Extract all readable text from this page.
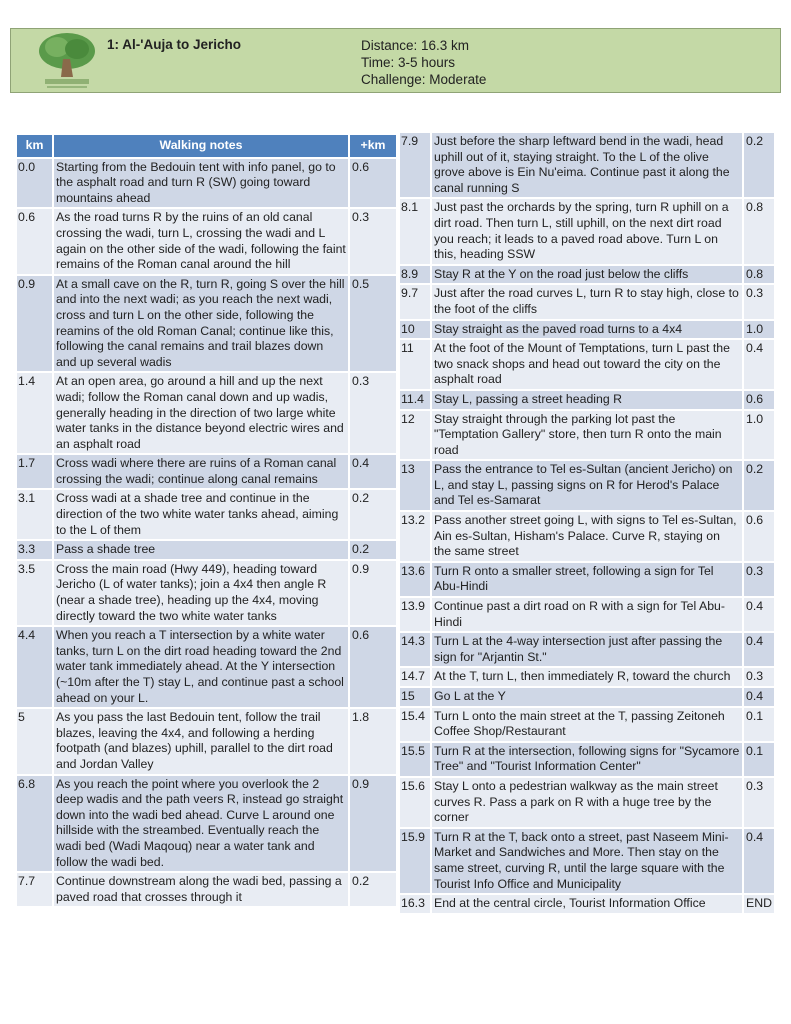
1: Al-'Auja to Jericho	Distance: 16.3 km
Time: 3-5 hours
Challenge: Moderate
km	Walking notes	+km
0.0	Starting from the Bedouin tent with info panel, go to the asphalt road and turn R (SW) going toward mountains ahead	0.6
0.6	As the road turns R by the ruins of an old canal crossing the wadi, turn L, crossing the wadi and L again on the other side of the wadi, following the faint remains of the Roman canal around the hill	0.3
0.9	At a small cave on the R, turn R, going S over the hill and into the next wadi; as you reach the next wadi, cross and turn L on the other side, following the reamins of the old Roman Canal; continue like this, following the canal remains and trail blazes down and up several wadis	0.5
1.4	At an open area, go around a hill and up the next wadi; follow the Roman canal down and up wadis, generally heading in the direction of two large white water tanks in the distance beyond electric wires and an asphalt road	0.3
1.7	Cross wadi where there are ruins of a Roman canal crossing the wadi; continue along canal remains	0.4
3.1	Cross wadi at a shade tree and continue in the direction of the two white water tanks ahead, aiming to the L of them	0.2
3.3	Pass a shade tree	0.2
3.5	Cross the main road (Hwy 449), heading toward Jericho (L of water tanks); join a 4x4 then angle R (near a shade tree), heading up the 4x4, moving directly toward the two white water tanks	0.9
4.4	When you reach a T intersection by a white water tanks, turn L on the dirt road heading toward the 2nd water tank immediately ahead. At the Y intersection (~10m after the T) stay L, and continue past a school ahead on your L.	0.6
5	As you pass the last Bedouin tent, follow the trail blazes, leaving the 4x4, and following a herding footpath (and blazes) uphill, parallel to the dirt road and Jordan Valley	1.8
6.8	As you reach the point where you overlook the 2 deep wadis and the path veers R, instead go straight down into the wadi bed ahead. Curve L around one hillside with the streambed. Eventually reach the wadi bed (Wadi Maqouq) near a water tank and follow the wadi bed.	0.9
7.7	Continue downstream along the wadi bed, passing a paved road that crosses through it	0.2
7.9	Just before the sharp leftward bend in the wadi, head uphill out of it, staying straight. To the L of the olive grove above is Ein Nu'eima. Continue past it along the canal running S	0.2
8.1	Just past the orchards by the spring, turn R uphill on a dirt road. Then turn L, still uphill, on the next dirt road you reach; it leads to a paved road above. Turn L on this, heading SSW	0.8
8.9	Stay R at the Y on the road just below the cliffs	0.8
9.7	Just after the road curves L, turn R to stay high, close to the foot of the cliffs	0.3
10	Stay straight as the paved road turns to a 4x4	1.0
11	At the foot of the Mount of Temptations, turn L past the two snack shops and head out toward the city on the asphalt road	0.4
11.4	Stay L, passing a street heading R	0.6
12	Stay straight through the parking lot past the "Temptation Gallery" store, then turn R onto the main road	1.0
13	Pass the entrance to Tel es-Sultan (ancient Jericho) on L, and stay L, passing signs on R for Herod's Palace and Tel es-Samarat	0.2
13.2	Pass another street going L, with signs to Tel es-Sultan, Ain es-Sultan, Hisham's Palace. Curve R, staying on the same street	0.6
13.6	Turn R onto a smaller street, following a sign for Tel Abu-Hindi	0.3
13.9	Continue past a dirt road on R with a sign for Tel Abu-Hindi	0.4
14.3	Turn L at the 4-way intersection just after passing the sign for "Arjantin St."	0.4
14.7	At the T, turn L, then immediately R, toward the church	0.3
15	Go L at the Y	0.4
15.4	Turn L onto the main street at the T, passing Zeitoneh Coffee Shop/Restaurant	0.1
15.5	Turn R at the intersection, following signs for "Sycamore Tree" and "Tourist Information Center"	0.1
15.6	Stay L onto a pedestrian walkway as the main street curves R. Pass a park on R with a huge tree by the corner	0.3
15.9	Turn R at the T, back onto a street, past Naseem Mini-Market and Sandwiches and More. Then stay on the same street, curving R, until the large square with the Tourist Info Office and Municipality	0.4
16.3	End at the central circle, Tourist Information Office	END
